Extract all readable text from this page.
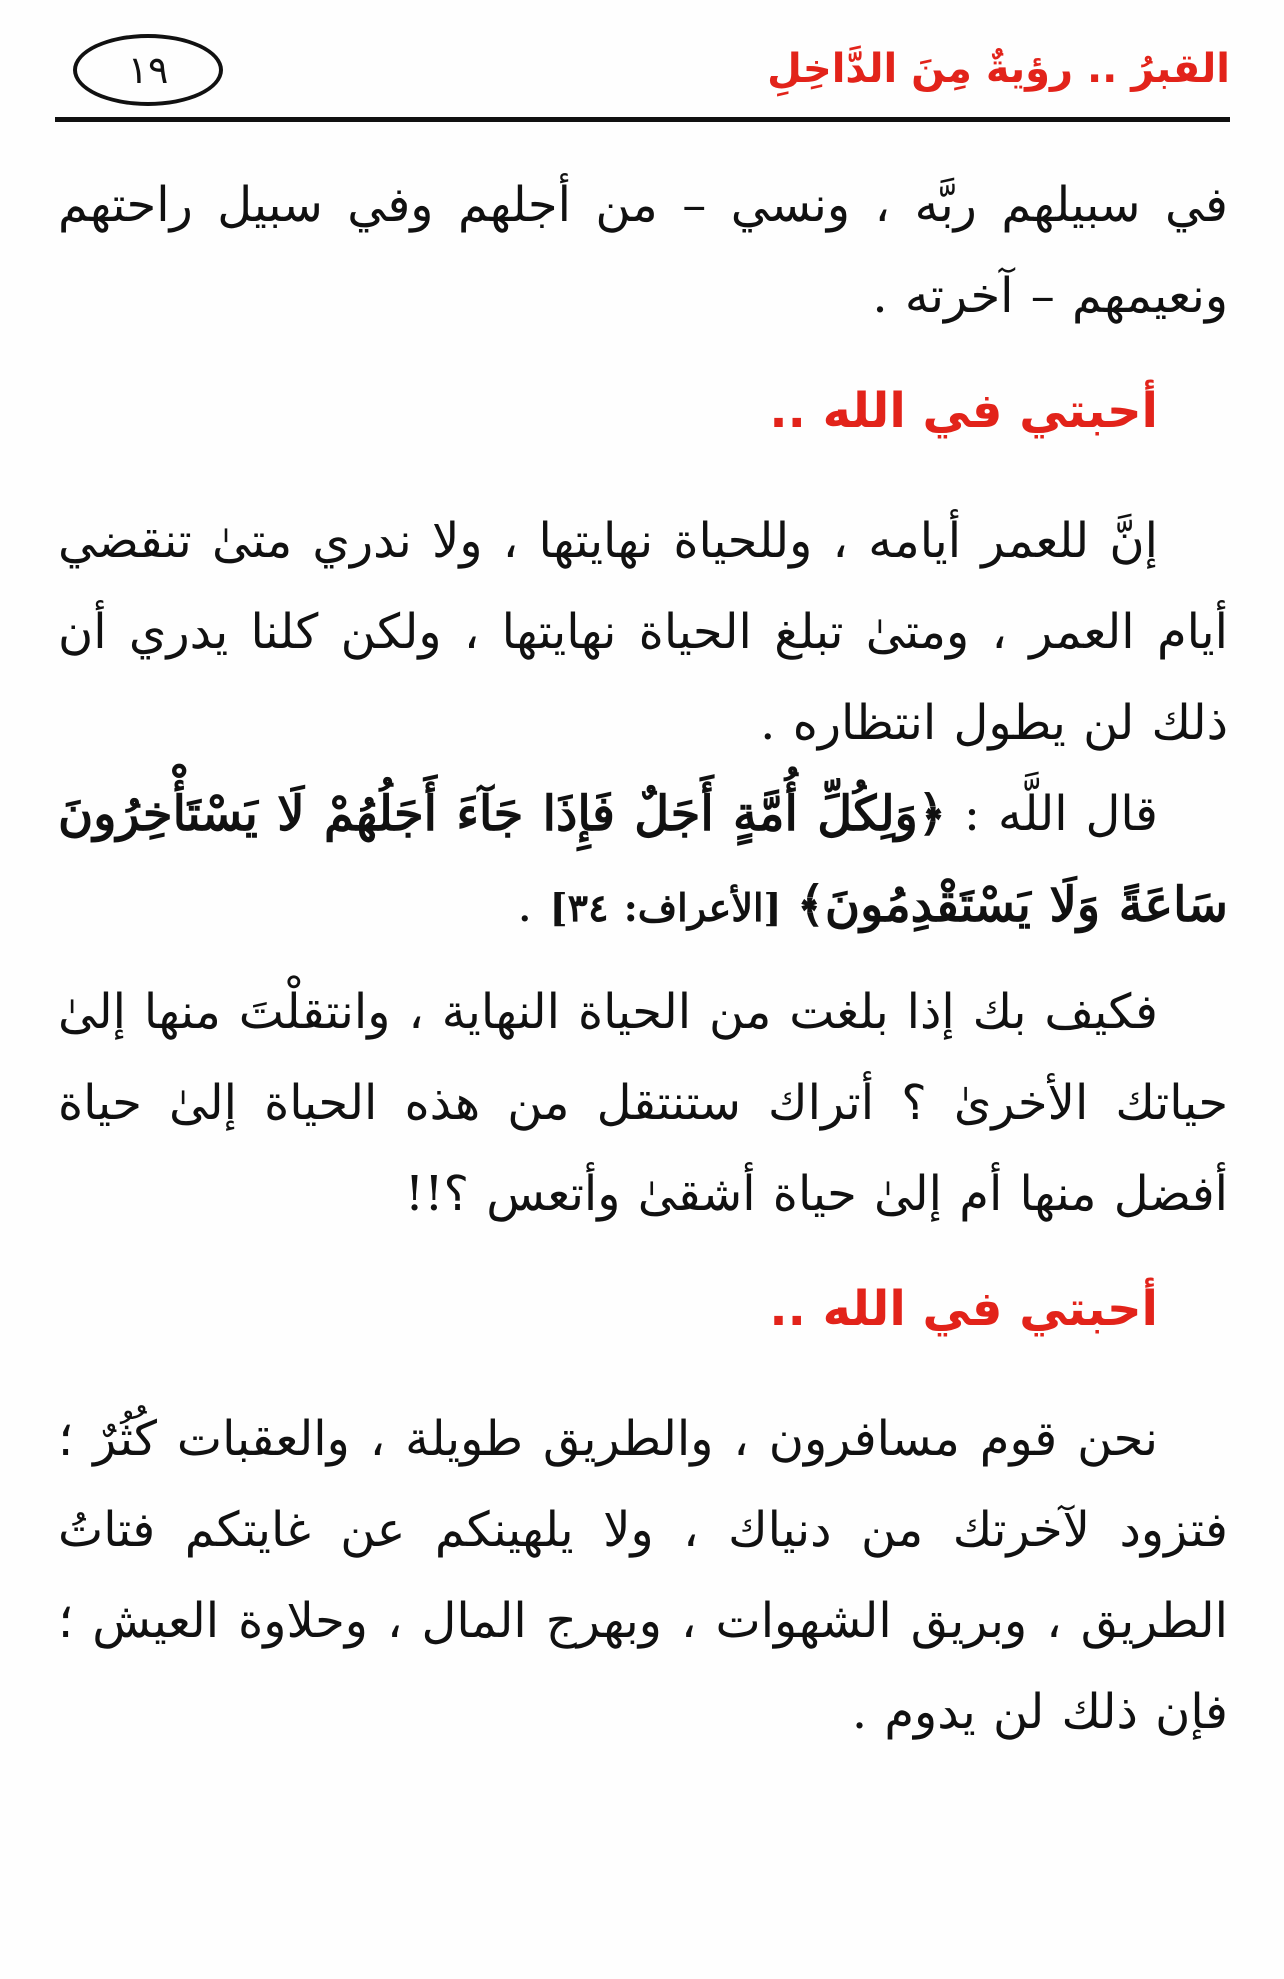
القبرُ .. رؤيةٌ مِنَ الدَّاخِلِ
١٩

في سبيلهم ربَّه ، ونسي – من أجلهم وفي سبيل راحتهم ونعيمهم – آخرته .

أحبتي في الله ..

إنَّ للعمر أيامه ، وللحياة نهايتها ، ولا ندري متىٰ تنقضي أيام العمر ، ومتىٰ تبلغ الحياة نهايتها ، ولكن كلنا يدري أن ذلك لن يطول انتظاره .

قال اللَّه : ﴿وَلِكُلِّ أُمَّةٍ أَجَلٌ فَإِذَا جَآءَ أَجَلُهُمْ لَا يَسْتَأْخِرُونَ سَاعَةً وَلَا يَسْتَقْدِمُونَ﴾ [الأعراف: ٣٤] .

فكيف بك إذا بلغت من الحياة النهاية ، وانتقلْتَ منها إلىٰ حياتك الأخرىٰ ؟ أتراك ستنتقل من هذه الحياة إلىٰ حياة أفضل منها أم إلىٰ حياة أشقىٰ وأتعس ؟!!

أحبتي في الله ..

نحن قوم مسافرون ، والطريق طويلة ، والعقبات كُثُرٌ ؛ فتزود لآخرتك من دنياك ، ولا يلهينكم عن غايتكم فتاتُ الطريق ، وبريق الشهوات ، وبهرج المال ، وحلاوة العيش ؛ فإن ذلك لن يدوم .
